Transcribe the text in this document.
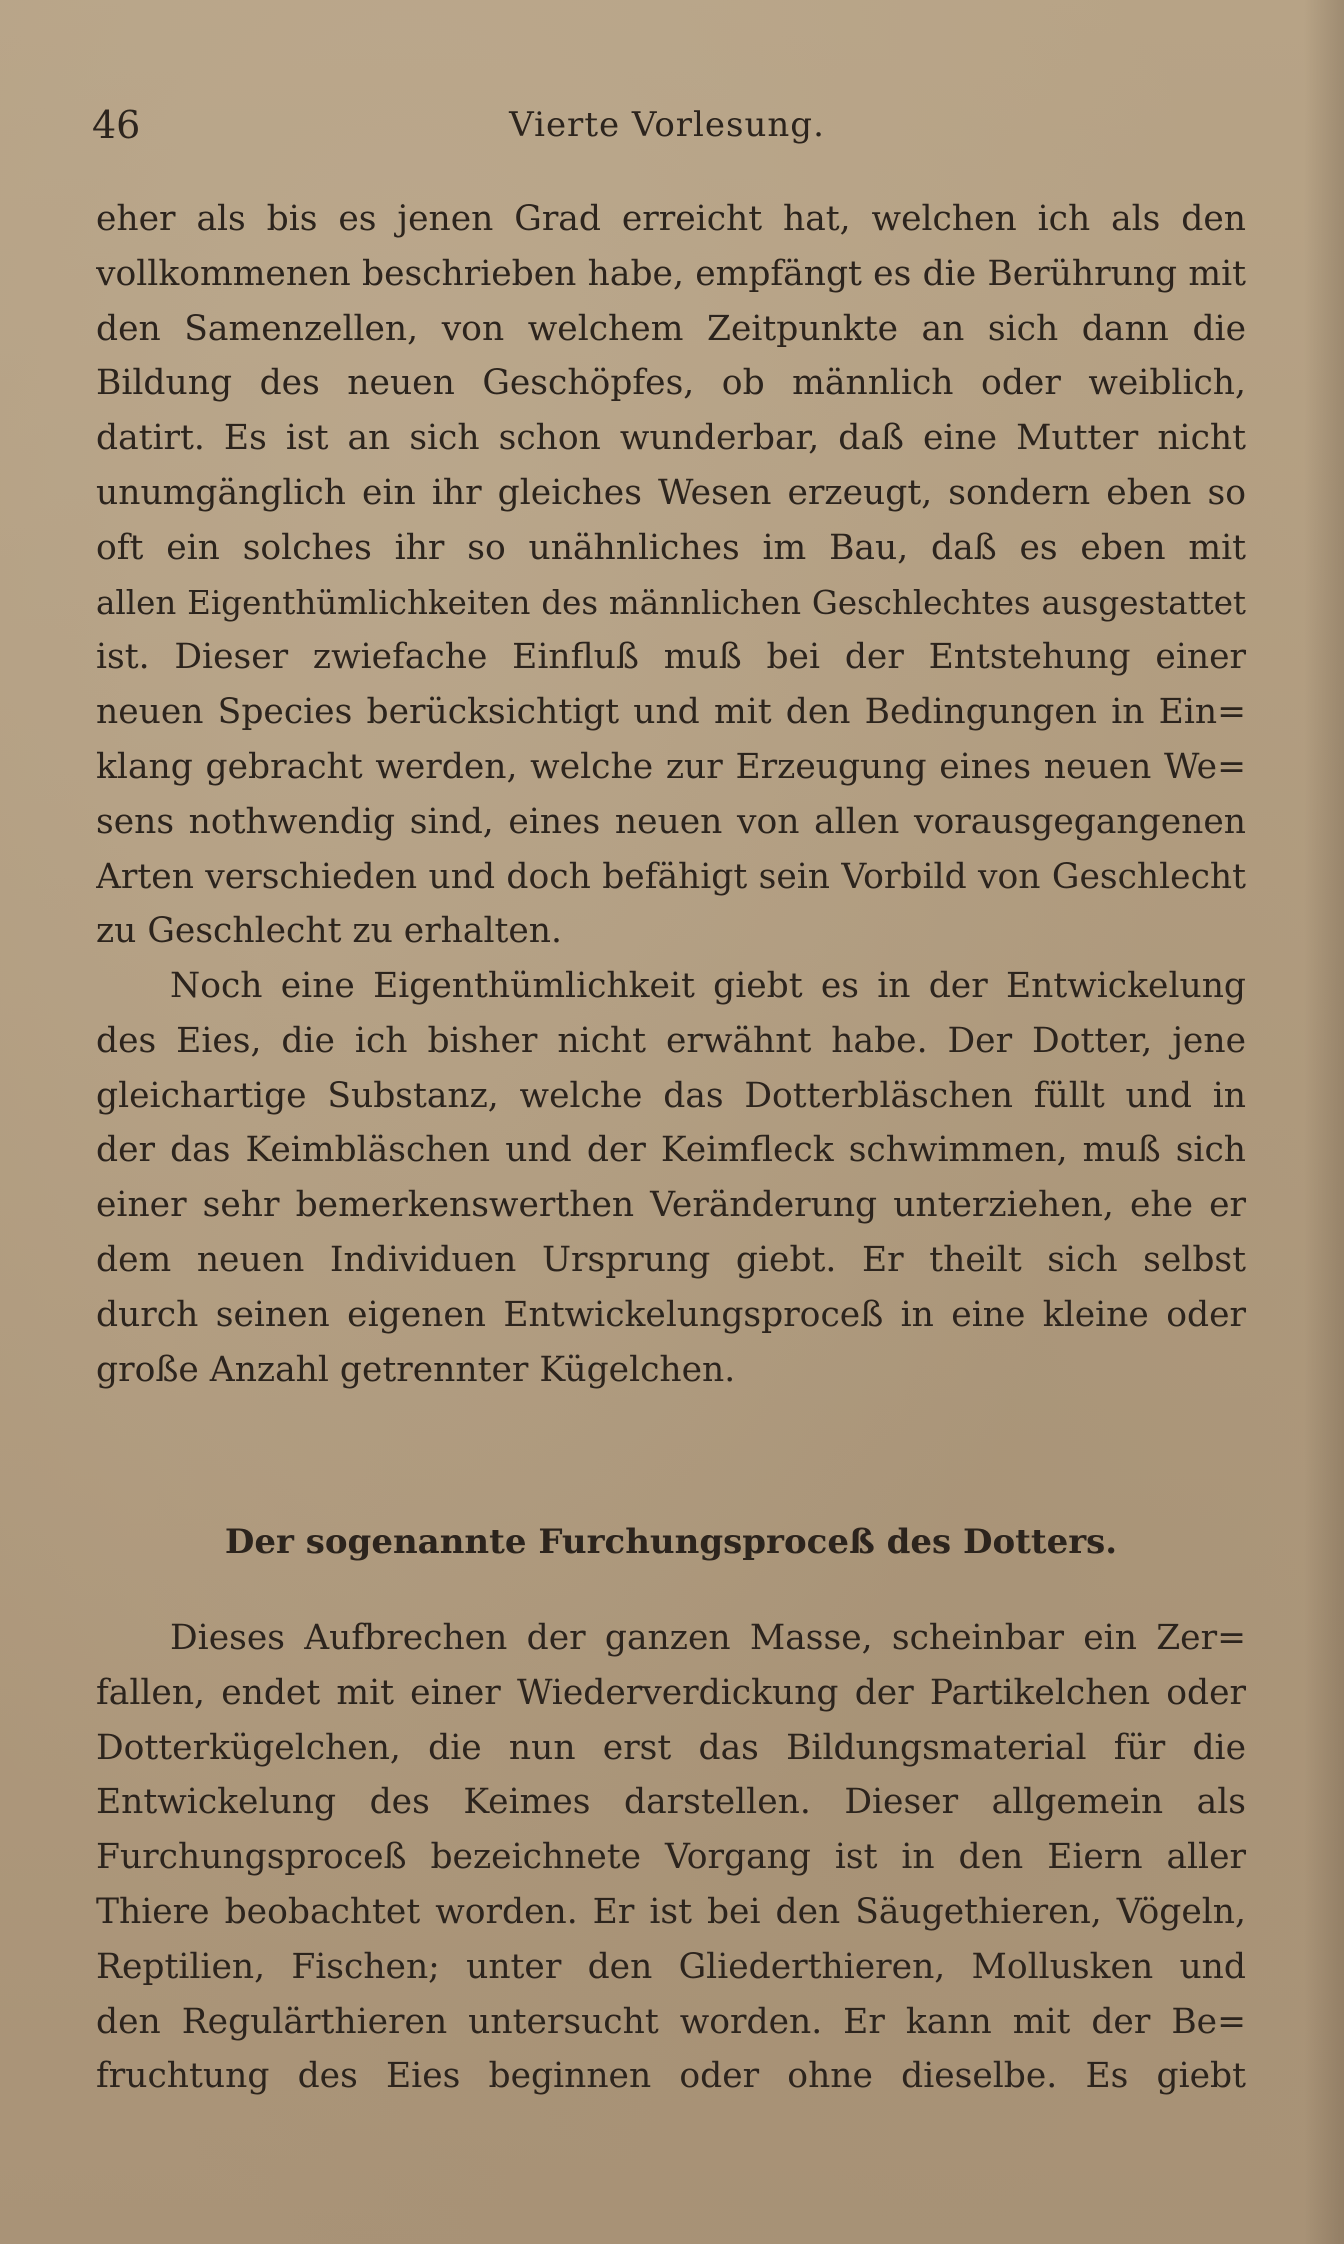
46	Vierte Vorlesung.
eher als bis es jenen Grad erreicht hat, welchen ich als den
vollkommenen beschrieben habe, empfängt es die Berührung mit
den Samenzellen, von welchem Zeitpunkte an sich dann die
Bildung des neuen Geschöpfes, ob männlich oder weiblich,
datirt. Es ist an sich schon wunderbar, daß eine Mutter nicht
unumgänglich ein ihr gleiches Wesen erzeugt, sondern eben so
oft ein solches ihr so unähnliches im Bau, daß es eben mit
allen Eigenthümlichkeiten des männlichen Geschlechtes ausgestattet
ist. Dieser zwiefache Einfluß muß bei der Entstehung einer
neuen Species berücksichtigt und mit den Bedingungen in Ein=
klang gebracht werden, welche zur Erzeugung eines neuen We=
sens nothwendig sind, eines neuen von allen vorausgegangenen
Arten verschieden und doch befähigt sein Vorbild von Geschlecht
zu Geschlecht zu erhalten.
Noch eine Eigenthümlichkeit giebt es in der Entwickelung
des Eies, die ich bisher nicht erwähnt habe. Der Dotter, jene
gleichartige Substanz, welche das Dotterbläschen füllt und in
der das Keimbläschen und der Keimfleck schwimmen, muß sich
einer sehr bemerkenswerthen Veränderung unterziehen, ehe er
dem neuen Individuen Ursprung giebt. Er theilt sich selbst
durch seinen eigenen Entwickelungsproceß in eine kleine oder
große Anzahl getrennter Kügelchen.
Der sogenannte Furchungsproceß des Dotters.
Dieses Aufbrechen der ganzen Masse, scheinbar ein Zer=
fallen, endet mit einer Wiederverdickung der Partikelchen oder
Dotterkügelchen, die nun erst das Bildungsmaterial für die
Entwickelung des Keimes darstellen. Dieser allgemein als
Furchungsproceß bezeichnete Vorgang ist in den Eiern aller
Thiere beobachtet worden. Er ist bei den Säugethieren, Vögeln,
Reptilien, Fischen; unter den Gliederthieren, Mollusken und
den Regulärthieren untersucht worden. Er kann mit der Be=
fruchtung des Eies beginnen oder ohne dieselbe. Es giebt
